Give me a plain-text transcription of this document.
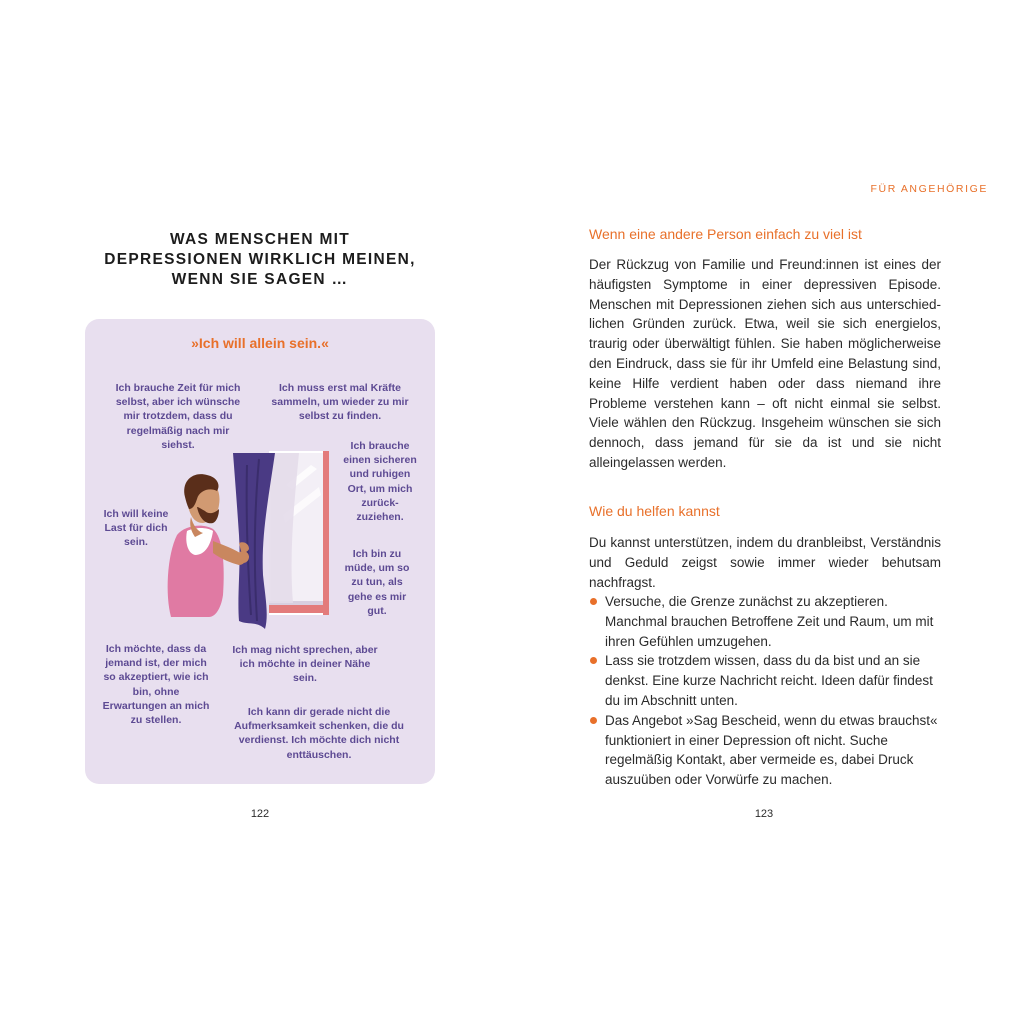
WAS MENSCHEN MIT
DEPRESSIONEN WIRKLICH MEINEN,
WENN SIE SAGEN …
»Ich will allein sein.«
Ich brauche Zeit für mich selbst, aber ich wünsche mir trotzdem, dass du regelmäßig nach mir siehst.
Ich muss erst mal Kräfte sammeln, um wieder zu mir selbst zu finden.
Ich brauche einen sicheren und ruhigen Ort, um mich zurück-zuziehen.
Ich will keine Last für dich sein.
Ich bin zu müde, um so zu tun, als gehe es mir gut.
Ich möchte, dass da jemand ist, der mich so akzeptiert, wie ich bin, ohne Erwartungen an mich zu stellen.
Ich mag nicht sprechen, aber ich möchte in deiner Nähe sein.
Ich kann dir gerade nicht die Aufmerksamkeit schenken, die du verdienst. Ich möchte dich nicht enttäuschen.
122
FÜR ANGEHÖRIGE
Wenn eine andere Person einfach zu viel ist
Der Rückzug von Familie und Freund:innen ist eines der häufigsten Symptome in einer depressiven Episode. Menschen mit Depressionen ziehen sich aus unterschiedlichen Gründen zurück. Etwa, weil sie sich energielos, traurig oder überwältigt fühlen. Sie haben möglicherweise den Eindruck, dass sie für ihr Umfeld eine Belastung sind, keine Hilfe verdient haben oder dass niemand ihre Probleme verstehen kann – oft nicht einmal sie selbst. Viele wählen den Rückzug. Insgeheim wünschen sie sich dennoch, dass jemand für sie da ist und sie nicht alleingelassen werden.
Wie du helfen kannst
Du kannst unterstützen, indem du dranbleibst, Verständnis und Geduld zeigst sowie immer wieder behutsam nachfragst.
Versuche, die Grenze zunächst zu akzeptieren. Manchmal brauchen Betroffene Zeit und Raum, um mit ihren Gefühlen umzugehen.
Lass sie trotzdem wissen, dass du da bist und an sie denkst. Eine kurze Nachricht reicht. Ideen dafür findest du im Abschnitt unten.
Das Angebot »Sag Bescheid, wenn du etwas brauchst« funktioniert in einer Depression oft nicht. Suche regelmäßig Kontakt, aber vermeide es, dabei Druck auszuüben oder Vorwürfe zu machen.
123
